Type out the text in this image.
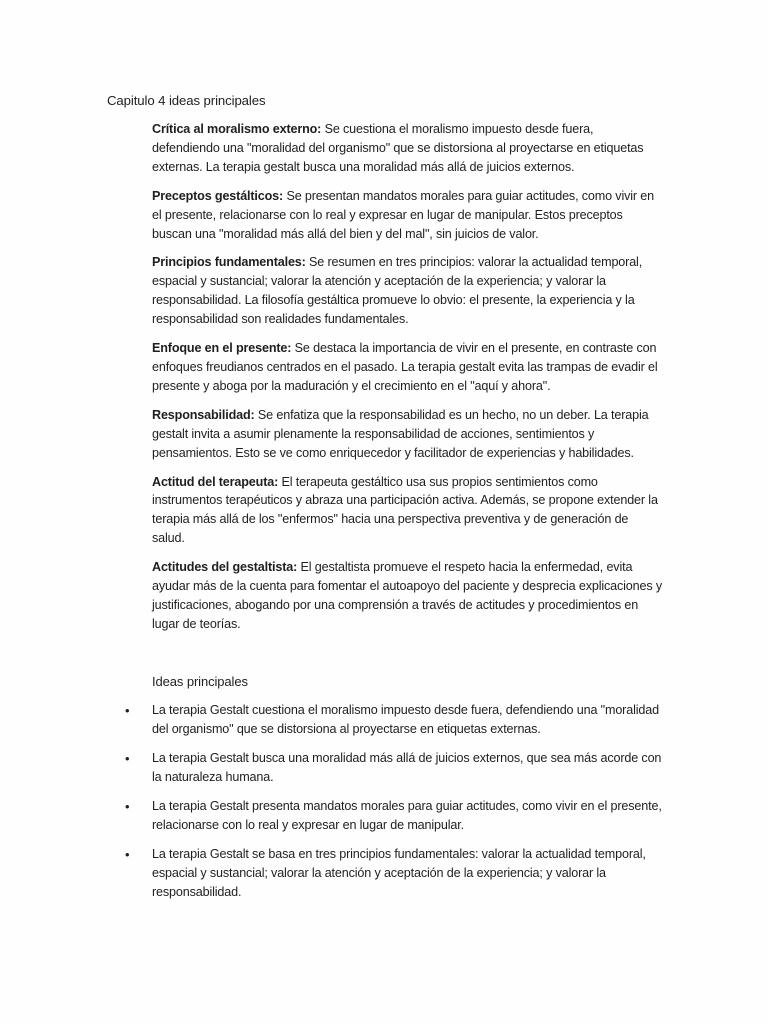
Capitulo 4 ideas principales

Crítica al moralismo externo: Se cuestiona el moralismo impuesto desde fuera, defendiendo una "moralidad del organismo" que se distorsiona al proyectarse en etiquetas externas. La terapia gestalt busca una moralidad más allá de juicios externos.

Preceptos gestálticos: Se presentan mandatos morales para guiar actitudes, como vivir en el presente, relacionarse con lo real y expresar en lugar de manipular. Estos preceptos buscan una "moralidad más allá del bien y del mal", sin juicios de valor.

Principios fundamentales: Se resumen en tres principios: valorar la actualidad temporal, espacial y sustancial; valorar la atención y aceptación de la experiencia; y valorar la responsabilidad. La filosofía gestáltica promueve lo obvio: el presente, la experiencia y la responsabilidad son realidades fundamentales.

Enfoque en el presente: Se destaca la importancia de vivir en el presente, en contraste con enfoques freudianos centrados en el pasado. La terapia gestalt evita las trampas de evadir el presente y aboga por la maduración y el crecimiento en el "aquí y ahora".

Responsabilidad: Se enfatiza que la responsabilidad es un hecho, no un deber. La terapia gestalt invita a asumir plenamente la responsabilidad de acciones, sentimientos y pensamientos. Esto se ve como enriquecedor y facilitador de experiencias y habilidades.

Actitud del terapeuta: El terapeuta gestáltico usa sus propios sentimientos como instrumentos terapéuticos y abraza una participación activa. Además, se propone extender la terapia más allá de los "enfermos" hacia una perspectiva preventiva y de generación de salud.

Actitudes del gestaltista: El gestaltista promueve el respeto hacia la enfermedad, evita ayudar más de la cuenta para fomentar el autoapoyo del paciente y desprecia explicaciones y justificaciones, abogando por una comprensión a través de actitudes y procedimientos en lugar de teorías.

Ideas principales
• La terapia Gestalt cuestiona el moralismo impuesto desde fuera, defendiendo una "moralidad del organismo" que se distorsiona al proyectarse en etiquetas externas.
• La terapia Gestalt busca una moralidad más allá de juicios externos, que sea más acorde con la naturaleza humana.
• La terapia Gestalt presenta mandatos morales para guiar actitudes, como vivir en el presente, relacionarse con lo real y expresar en lugar de manipular.
• La terapia Gestalt se basa en tres principios fundamentales: valorar la actualidad temporal, espacial y sustancial; valorar la atención y aceptación de la experiencia; y valorar la responsabilidad.
